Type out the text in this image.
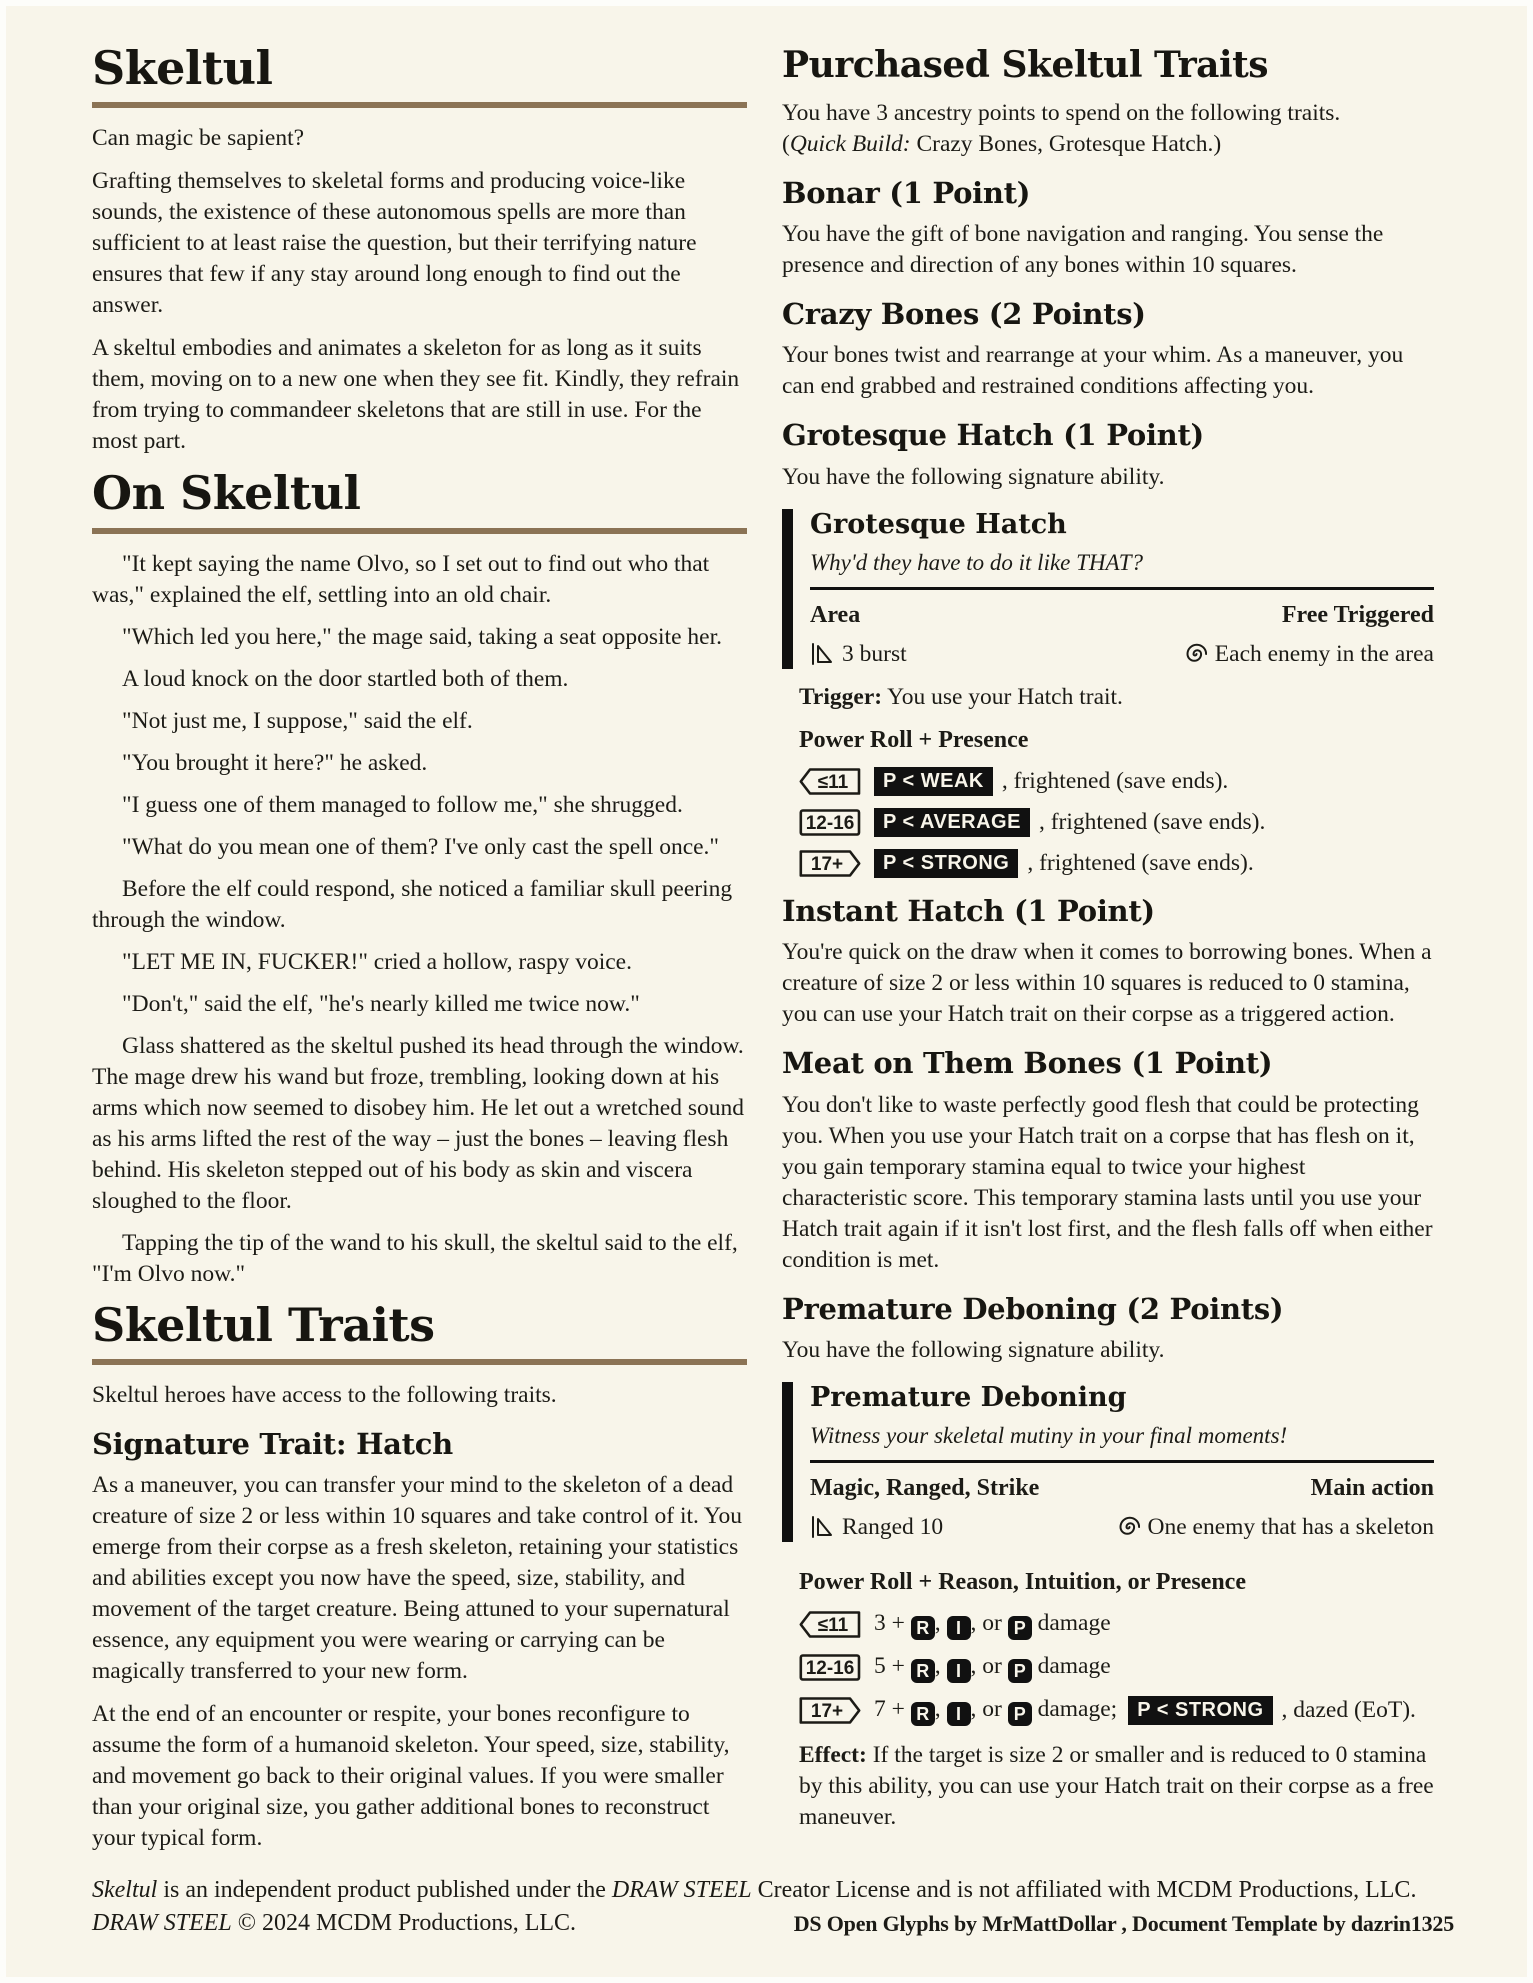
Skeltul

Can magic be sapient?

Grafting themselves to skeletal forms and producing voice-like sounds, the existence of these autonomous spells are more than sufficient to at least raise the question, but their terrifying nature ensures that few if any stay around long enough to find out the answer.

A skeltul embodies and animates a skeleton for as long as it suits them, moving on to a new one when they see fit. Kindly, they refrain from trying to commandeer skeletons that are still in use. For the most part.

On Skeltul

"It kept saying the name Olvo, so I set out to find out who that was," explained the elf, settling into an old chair.

"Which led you here," the mage said, taking a seat opposite her.

A loud knock on the door startled both of them.

"Not just me, I suppose," said the elf.

"You brought it here?" he asked.

"I guess one of them managed to follow me," she shrugged.

"What do you mean one of them? I've only cast the spell once."

Before the elf could respond, she noticed a familiar skull peering through the window.

"LET ME IN, FUCKER!" cried a hollow, raspy voice.

"Don't," said the elf, "he's nearly killed me twice now."

Glass shattered as the skeltul pushed its head through the window. The mage drew his wand but froze, trembling, looking down at his arms which now seemed to disobey him. He let out a wretched sound as his arms lifted the rest of the way – just the bones – leaving flesh behind. His skeleton stepped out of his body as skin and viscera sloughed to the floor.

Tapping the tip of the wand to his skull, the skeltul said to the elf, "I'm Olvo now."

Skeltul Traits

Skeltul heroes have access to the following traits.

Signature Trait: Hatch

As a maneuver, you can transfer your mind to the skeleton of a dead creature of size 2 or less within 10 squares and take control of it. You emerge from their corpse as a fresh skeleton, retaining your statistics and abilities except you now have the speed, size, stability, and movement of the target creature. Being attuned to your supernatural essence, any equipment you were wearing or carrying can be magically transferred to your new form.

At the end of an encounter or respite, your bones reconfigure to assume the form of a humanoid skeleton. Your speed, size, stability, and movement go back to their original values. If you were smaller than your original size, you gather additional bones to reconstruct your typical form.

Purchased Skeltul Traits

You have 3 ancestry points to spend on the following traits.
(Quick Build: Crazy Bones, Grotesque Hatch.)

Bonar (1 Point)

You have the gift of bone navigation and ranging. You sense the presence and direction of any bones within 10 squares.

Crazy Bones (2 Points)

Your bones twist and rearrange at your whim. As a maneuver, you can end grabbed and restrained conditions affecting you.

Grotesque Hatch (1 Point)

You have the following signature ability.

Grotesque Hatch
Why'd they have to do it like THAT?
Area	Free Triggered
3 burst	Each enemy in the area

Trigger: You use your Hatch trait.

Power Roll + Presence
≤11	P < WEAK , frightened (save ends).
12-16	P < AVERAGE , frightened (save ends).
17+	P < STRONG , frightened (save ends).
Instant Hatch (1 Point)

You're quick on the draw when it comes to borrowing bones. When a creature of size 2 or less within 10 squares is reduced to 0 stamina, you can use your Hatch trait on their corpse as a triggered action.

Meat on Them Bones (1 Point)

You don't like to waste perfectly good flesh that could be protecting you. When you use your Hatch trait on a corpse that has flesh on it, you gain temporary stamina equal to twice your highest characteristic score. This temporary stamina lasts until you use your Hatch trait again if it isn't lost first, and the flesh falls off when either condition is met.

Premature Deboning (2 Points)

You have the following signature ability.

Premature Deboning
Witness your skeletal mutiny in your final moments!
Magic, Ranged, Strike	Main action
Ranged 10	One enemy that has a skeleton
Power Roll + Reason, Intuition, or Presence
≤11 3 + R , I , or P damage
12-16 5 + R , I , or P damage
17+ 7 + R , I , or P damage;	P < STRONG , dazed (EoT).

Effect: If the target is size 2 or smaller and is reduced to 0 stamina by this ability, you can use your Hatch trait on their corpse as a free maneuver.

Skeltul is an independent product published under the DRAW STEEL Creator License and is not affiliated with MCDM Productions, LLC. DRAW STEEL © 2024 MCDM Productions, LLC.	DS Open Glyphs by MrMattDollar , Document Template by dazrin1325
